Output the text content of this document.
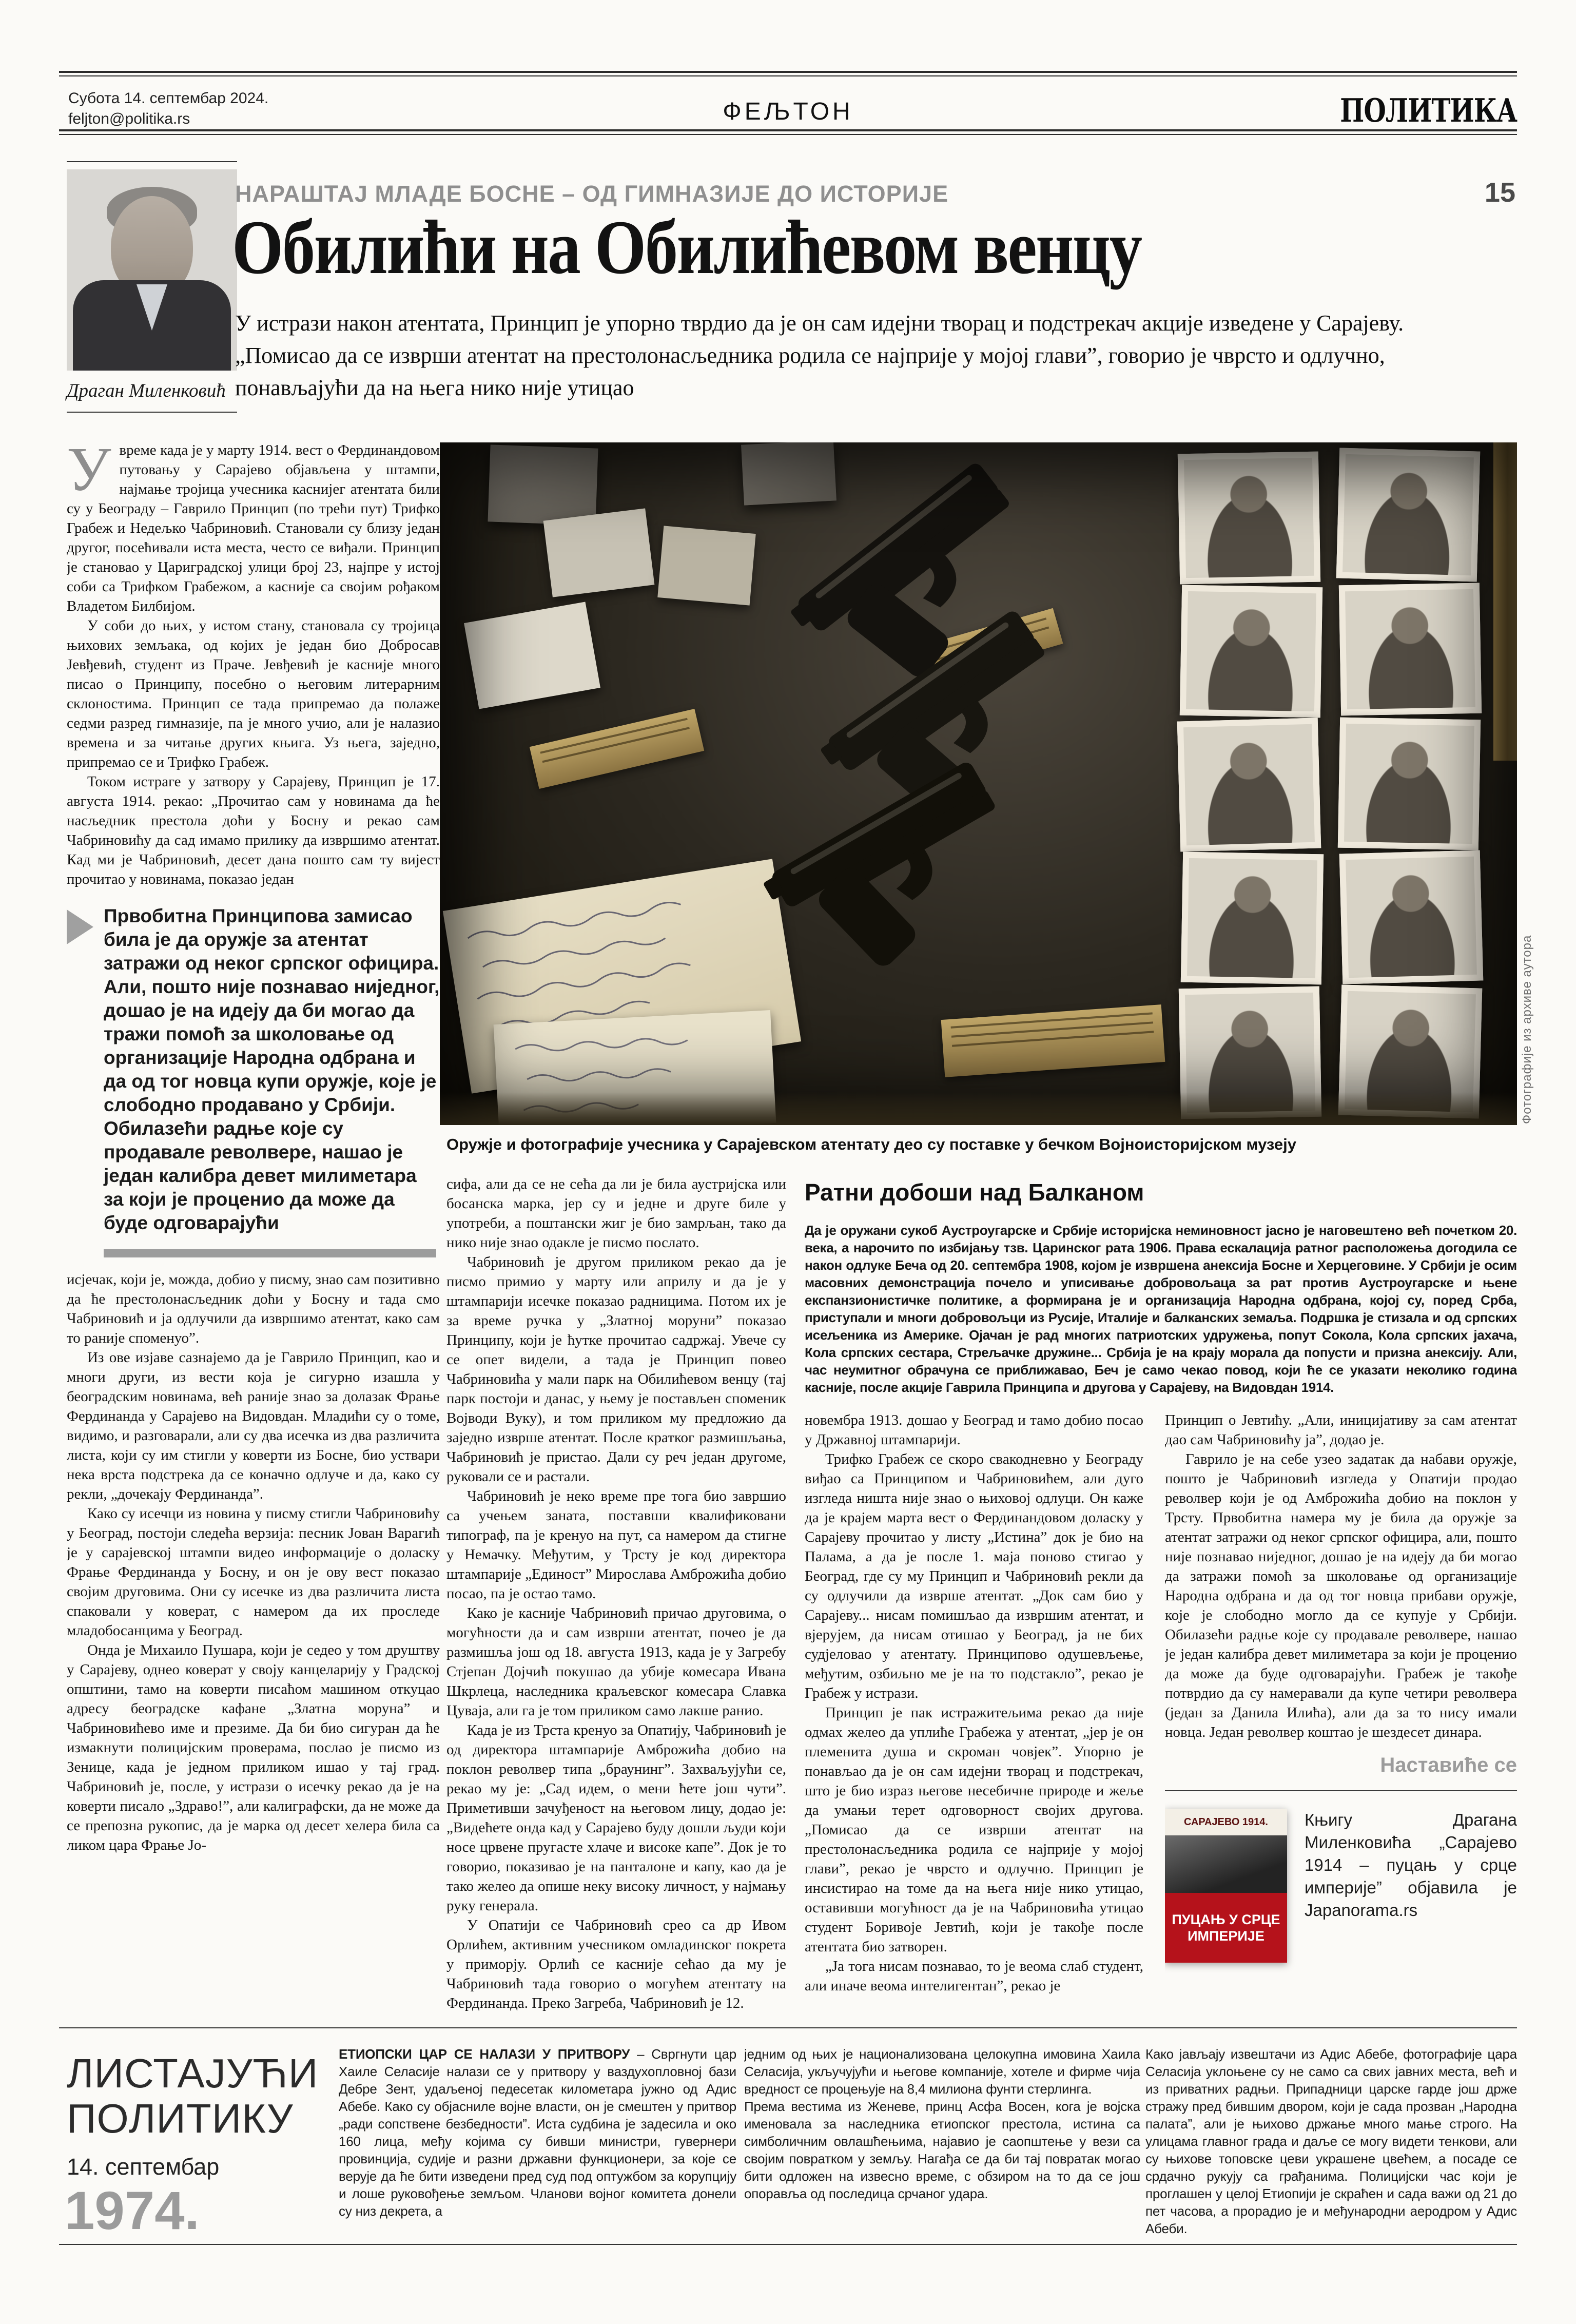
Субота 14. септембар 2024.
feljton@politika.rs	ФЕЉТОН	ПОЛИТИКА
Драган Миленковић
НАРАШТАЈ МЛАДЕ БОСНЕ – ОД ГИМНАЗИЈЕ ДО ИСТОРИЈЕ	15
Обилићи на Обилићевом венцу
У истрази након атентата, Принцип је упорно тврдио да је он сам идејни творац и подстрекач акције изведене у Сарајеву. „Помисао да се изврши атентат на престолонасљедника родила се најприје у мојој глави”, говорио је чврсто и одлучно, понављајући да на њега нико није утицао

Увреме када је у марту 1914. вест о Фердинандовом путовању у Сарајево објављена у штампи, најмање тројица учесника каснијег атентата били су у Београду – Гаврило Принцип (по трећи пут) Трифко Грабеж и Недељко Чабриновић. Становали су близу један другог, посећивали иста места, често се виђали. Принцип је становао у Цариградској улици број 23, најпре у истој соби са Трифком Грабежом, а касније са својим рођаком Владетом Билбијом.

У соби до њих, у истом стану, становала су тројица њихових земљака, од којих је један био Добросав Јевђевић, студент из Праче. Јевђевић је касније много писао о Принципу, посебно о његовим литерарним склоностима. Принцип се тада припремао да полаже седми разред гимназије, па је много учио, али је налазио времена и за читање других књига. Уз њега, заједно, припремао се и Трифко Грабеж.

Током истраге у затвору у Сарајеву, Принцип је 17. августа 1914. рекао: „Прочитао сам у новинама да ће насљедник престола доћи у Босну и рекао сам Чабриновићу да сад имамо прилику да извршимо атентат. Кад ми је Чабриновић, десет дана пошто сам ту вијест прочитао у новинама, показао један

Првобитна Принципова замисао била је да оружје за атентат затражи од неког српског официра. Али, пошто није познавао ниједног, дошао је на идеју да би могао да тражи помоћ за школовање од организације Народна одбрана и да од тог новца купи оружје, које је слободно продавано у Србији. Обилазећи радње које су продавале револвере, нашао је један калибра девет милиметара за који је проценио да може да буде одговарајући

исјечак, који је, можда, добио у писму, знао сам позитивно да ће престолонасљедник доћи у Босну и тада смо Чабриновић и ја одлучили да извршимо атентат, како сам то раније споменуо”.

Из ове изјаве сазнајемо да је Гаврило Принцип, као и многи други, из вести која је сигурно изашла у београдским новинама, већ раније знао за долазак Фрање Фердинанда у Сарајево на Видовдан. Младићи су о томе, видимо, и разговарали, али су два исечка из два различита листа, који су им стигли у коверти из Босне, био уствари нека врста подстрека да се коначно одлуче и да, како су рекли, „дочекају Фердинанда”.

Како су исечци из новина у писму стигли Чабриновићу у Београд, постоји следећа верзија: песник Јован Варагић је у сарајевској штампи видео информације о доласку Фрање Фердинанда у Босну, и он је ову вест показао својим друговима. Они су исечке из два различита листа спаковали у коверат, с намером да их проследе младобосанцима у Београд.

Онда је Михаило Пушара, који је седео у том друштву у Сарајеву, однео коверат у своју канцеларију у Градској општини, тамо на коверти писаћом машином откуцао адресу београдске кафане „Златна моруна” и Чабриновићево име и презиме. Да би био сигуран да ће измакнути полицијским проверама, послао је писмо из Зенице, када је једном приликом ишао у тај град. Чабриновић је, после, у истрази о исечку рекао да је на коверти писало „Здраво!”, али калиграфски, да не може да се препозна рукопис, да је марка од десет хелера била са ликом цара Фрање Јо-

Фотографије из архиве аутора
Оружје и фотографије учесника у Сарајевском атентату део су поставке у бечком Војноисторијском музеју

сифа, али да се не сећа да ли је била аустријска или босанска марка, јер су и једне и друге биле у употреби, а поштански жиг је био замрљан, тако да нико није знао одакле је писмо послато.

Чабриновић је другом приликом рекао да је писмо примио у марту или априлу и да је у штампарији исечке показао радницима. Потом их је за време ручка у „Златној моруни” показао Принципу, који је ћутке прочитао садржај. Увече су се опет видели, а тада је Принцип повео Чабриновића у мали парк на Обилићевом венцу (тај парк постоји и данас, у њему је постављен споменик Војводи Вуку), и том приликом му предложио да заједно изврше атентат. После кратког размишљања, Чабриновић је пристао. Дали су реч један другоме, руковали се и растали.

Чабриновић је неко време пре тога био завршио са учењем заната, поставши квалификовани типограф, па је кренуо на пут, са намером да стигне у Немачку. Међутим, у Трсту је код директора штампарије „Единост” Мирослава Амброжића добио посао, па је остао тамо.

Како је касније Чабриновић причао друговима, о могућности да и сам изврши атентат, почео је да размишља још од 18. августа 1913, када је у Загребу Стјепан Дојчић покушао да убије комесара Ивана Шкрлеца, наследника краљевског комесара Славка Цуваја, али га је том приликом само лакше ранио.

Када је из Трста кренуо за Опатију, Чабриновић је од директора штампарије Амброжића добио на поклон револвер типа „браунинг”. Захваљујући се, рекао му је: „Сад идем, о мени ћете још чути”. Приметивши зачуђеност на његовом лицу, додао је: „Видећете онда кад у Сарајево буду дошли људи који носе црвене пругасте хлаче и високе капе”. Док је то говорио, показивао је на панталоне и капу, као да је тако желео да опише неку високу личност, у најмању руку генерала.

У Опатији се Чабриновић срео са др Ивом Орлићем, активним учесником омладинског покрета у приморју. Орлић се касније сећао да му је Чабриновић тада говорио о могућем атентату на Фердинанда. Преко Загреба, Чабриновић је 12.

Ратни добоши над Балканом
Да је оружани сукоб Аустроугарске и Србије историјска неминовност јасно је наговештено већ почетком 20. века, а нарочито по избијању тзв. Царинског рата 1906. Права ескалација ратног расположења догодила се након одлуке Беча од 20. септембра 1908, којом је извршена анексија Босне и Херцеговине. У Србији је осим масовних демонстрација почело и уписивање добровољаца за рат против Аустроугарске и њене експанзионистичке политике, а формирана је и организација Народна одбрана, којој су, поред Срба, приступали и многи добровољци из Русије, Италије и балканских земаља. Подршка је стизала и од српских исељеника из Америке. Ојачан је рад многих патриотских удружења, попут Сокола, Кола српских јахача, Кола српских сестара, Стрељачке дружине... Србија је на крају морала да попусти и призна анексију. Али, час неумитног обрачуна се приближавао, Беч је само чекао повод, који ће се указати неколико година касније, после акције Гаврила Принципа и другова у Сарајеву, на Видовдан 1914.

новембра 1913. дошао у Београд и тамо добио посао у Државној штампарији.

Трифко Грабеж се скоро свакодневно у Београду виђао са Принципом и Чабриновићем, али дуго изгледа ништа није знао о њиховој одлуци. Он каже да је крајем марта вест о Фердинандовом доласку у Сарајеву прочитао у листу „Истина” док је био на Палама, а да је после 1. маја поново стигао у Београд, где су му Принцип и Чабриновић рекли да су одлучили да изврше атентат. „Док сам био у Сарајеву... нисам помишљао да извршим атентат, и вјерујем, да нисам отишао у Београд, ја не бих судјеловао у атентату. Принципово одушевљење, међутим, озбиљно ме је на то подстакло”, рекао је Грабеж у истрази.

Принцип је пак истражитељима рекао да није одмах желео да уплиће Грабежа у атентат, „јер је он племенита душа и скроман човјек”. Упорно је понављао да је он сам идејни творац и подстрекач, што је био израз његове несебичне природе и жеље да умањи терет одговорност својих другова. „Помисао да се изврши атентат на престолонасљедника родила се најприје у мојој глави”, рекао је чврсто и одлучно. Принцип је инсистирао на томе да на њега није нико утицао, оставивши могућност да је на Чабриновића утицао студент Боривоје Јевтић, који је такође после атентата био затворен.

„Ја тога нисам познавао, то је веома слаб студент, али иначе веома интелигентан”, рекао је

Принцип о Јевтићу. „Али, иницијативу за сам атентат дао сам Чабриновићу ја”, додао је.

Гаврило је на себе узео задатак да набави оружје, пошто је Чабриновић изгледа у Опатији продао револвер који је од Амброжића добио на поклон у Трсту. Првобитна намера му је била да оружје за атентат затражи од неког српског официра, али, пошто није познавао ниједног, дошао је на идеју да би могао да затражи помоћ за школовање од организације Народна одбрана и да од тог новца прибави оружје, које је слободно могло да се купује у Србији. Обилазећи радње које су продавале револвере, нашао је један калибра девет милиметара за који је проценио да може да буде одговарајући. Грабеж је такође потврдио да су намеравали да купе четири револвера (један за Данила Илића), али да за то нису имали новца. Један револвер коштао је шездесет динара.

Наставиће се
САРАЈЕВО 1914.
ПУЦАЊ У СРЦЕ ИМПЕРИЈЕ
Књигу Драгана Миленковића „Сарајево 1914 – пуцањ у срце империје” објавила је Japanorama.rs
ЛИСТАЈУЋИ
ПОЛИТИКУ
14. септембар
1974.

ЕТИОПСКИ ЦАР СЕ НАЛАЗИ У ПРИТВОРУ – Свргнути цар Хаиле Селасије налази се у притвору у ваздухопловној бази Дебре Зент, удаљеној педесетак километара јужно од Адис Абебе. Како су објасниле војне власти, он је смештен у притвор „ради сопствене безбедности”. Иста судбина је задесила и око 160 лица, међу којима су бивши министри, гувернери провинција, судије и разни државни функционери, за које се верује да ће бити изведени пред суд под оптужбом за корупцију и лоше руковођење земљом. Чланови војног комитета донели су низ декрета, а

једним од њих је национализована целокупна имовина Хаила Селасија, укључујући и његове компаније, хотеле и фирме чија вредност се процењује на 8,4 милиона фунти стерлинга.

Према вестима из Женеве, принц Асфа Восен, кога је војска именовала за наследника етиопског престола, истина са симболичним овлашћењима, најавио је саопштење у вези са својим повратком у земљу. Нагађа се да би тај повратак могао бити одложен на извесно време, с обзиром на то да се још опоравља од последица срчаног удара.

Како јављају извештачи из Адис Абебе, фотографије цара Селасија уклоњене су не само са свих јавних места, већ и из приватних радњи. Припадници царске гарде још држе стражу пред бившим двором, који је сада прозван „Народна палата”, али је њихово држање много мање строго. На улицама главног града и даље се могу видети тенкови, али су њихове топовске цеви украшене цвећем, а посаде се срдачно рукују са грађанима. Полицијски час који је проглашен у целој Етиопији је скраћен и сада важи од 21 до пет часова, а прорадио је и међународни аеродром у Адис Абеби.
